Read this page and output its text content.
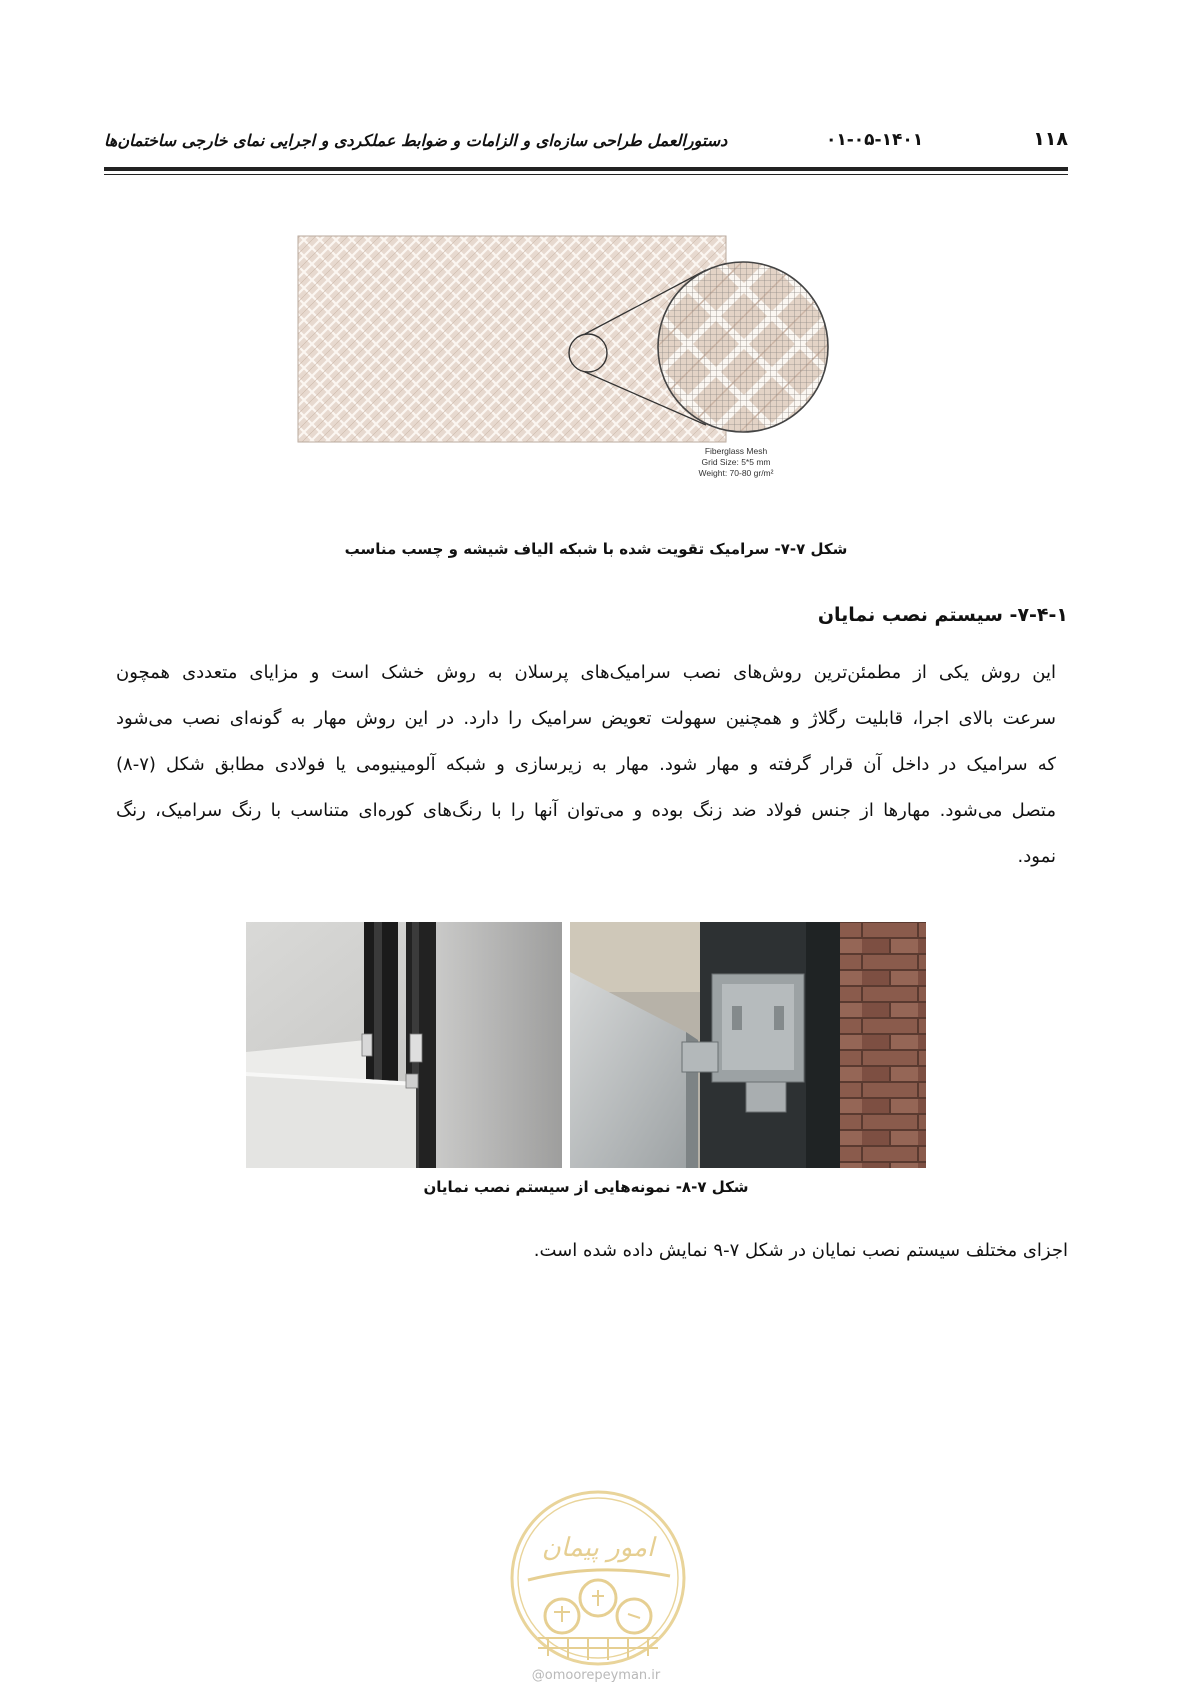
۱۱۸
۰۱-۰۵-۱۴۰۱
دستورالعمل طراحی سازه‌ای و الزامات و ضوابط عملکردی و اجرایی نمای خارجی ساختمان‌ها
Fiberglass Mesh
Grid Size: 5*5 mm
Weight: 70-80 gr/m²
شکل ۷-۷- سرامیک تقویت شده با شبکه الیاف شیشه و چسب مناسب
۷-۴-۱- سیستم نصب نمایان
این روش یکی از مطمئن‌ترین روش‌های نصب سرامیک‌های پرسلان به روش خشک است و مزایای متعددی همچون
سرعت بالای اجرا، قابلیت رگلاژ و همچنین سهولت تعویض سرامیک را دارد. در این روش مهار به گونه‌ای نصب می‌شود
که سرامیک در داخل آن قرار گرفته و مهار شود. مهار به زیرسازی و شبکه آلومینیومی یا فولادی مطابق شکل (۷-۸)
متصل می‌شود. مهارها از جنس فولاد ضد زنگ بوده و می‌توان آنها را با رنگ‌های کوره‌ای متناسب با رنگ سرامیک، رنگ
نمود.
شکل ۷-۸- نمونه‌هایی از سیستم نصب نمایان
اجزای مختلف سیستم نصب نمایان در شکل ۷-۹ نمایش داده شده است.
امور پیمان
@omoorepeyman.ir
